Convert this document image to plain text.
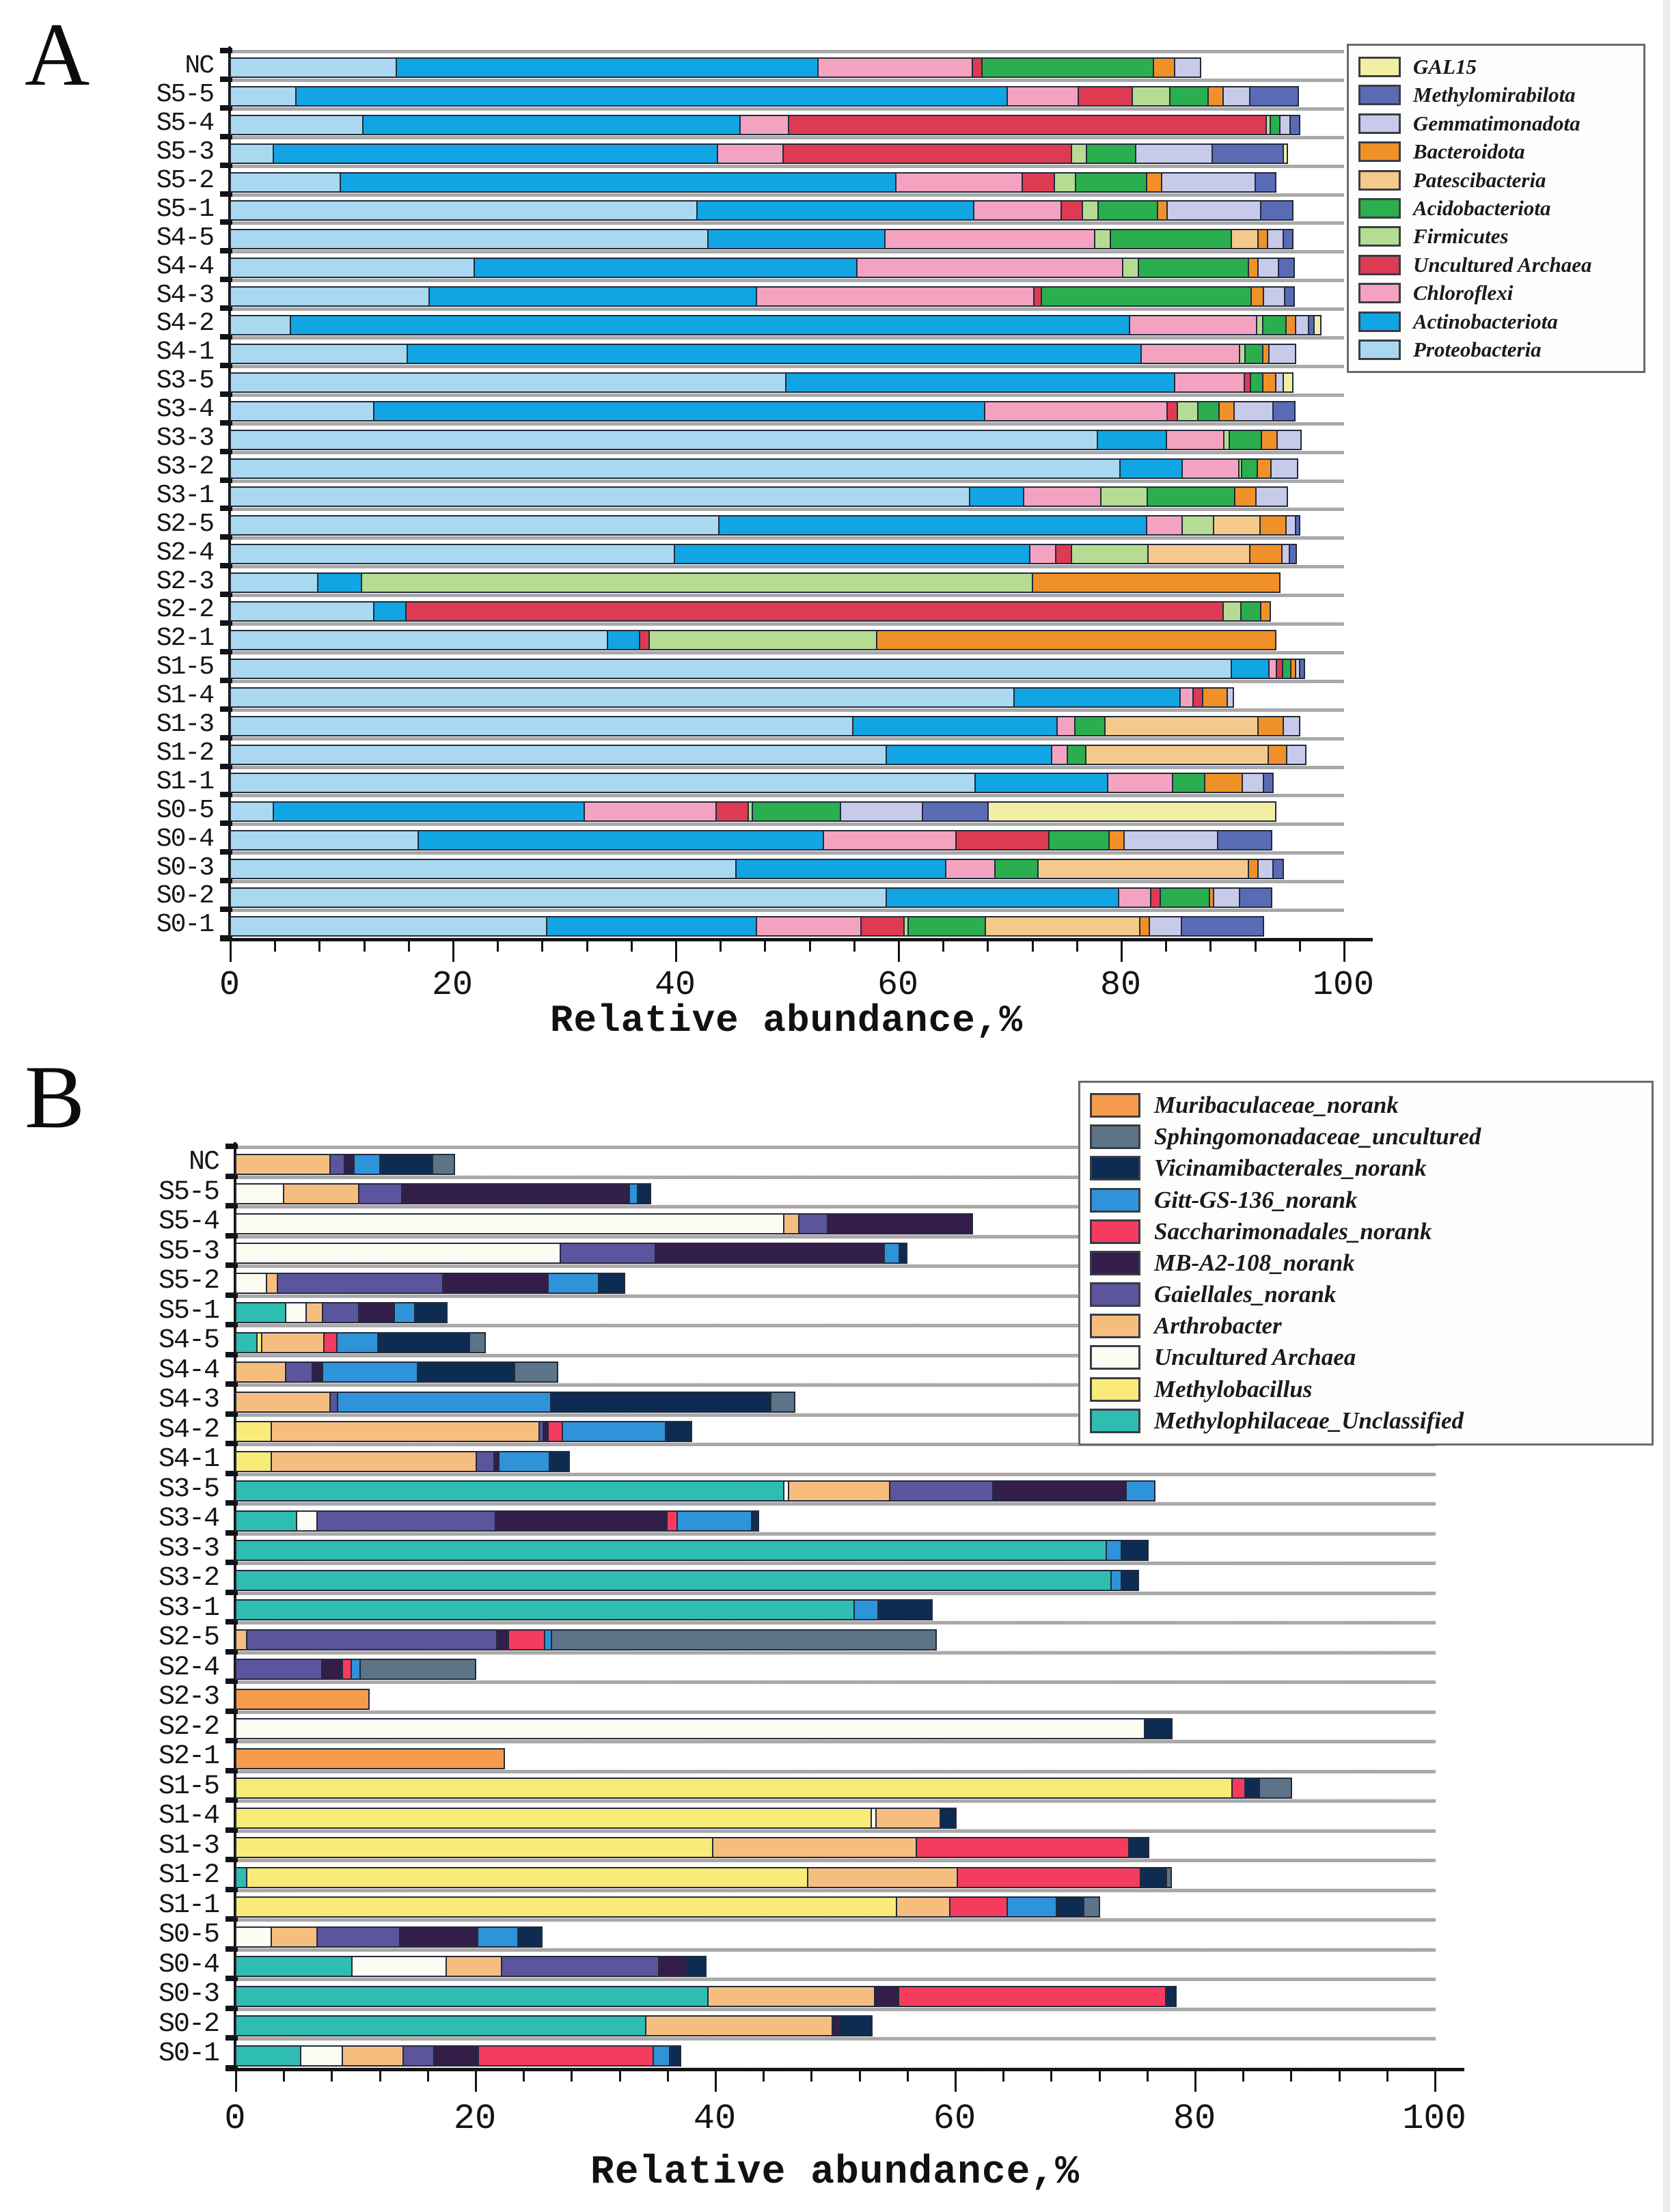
A
B
NC
S5-5
S5-4
S5-3
S5-2
S5-1
S4-5
S4-4
S4-3
S4-2
S4-1
S3-5
S3-4
S3-3
S3-2
S3-1
S2-5
S2-4
S2-3
S2-2
S2-1
S1-5
S1-4
S1-3
S1-2
S1-1
S0-5
S0-4
S0-3
S0-2
S0-1
0	20	40	60	80	100
NC
S5-5
S5-4
S5-3
S5-2
S5-1
S4-5
S4-4
S4-3
S4-2
S4-1
S3-5
S3-4
S3-3
S3-2
S3-1
S2-5
S2-4
S2-3
S2-2
S2-1
S1-5
S1-4
S1-3
S1-2
S1-1
S0-5
S0-4
S0-3
S0-2
S0-1
0	20	40	60	80	100
Relative abundance,%
Relative abundance,%
GAL15
Methylomirabilota
Gemmatimonadota
Bacteroidota
Patescibacteria
Acidobacteriota
Firmicutes
Uncultured Archaea
Chloroflexi
Actinobacteriota
Proteobacteria
Muribaculaceae_norank
Sphingomonadaceae_uncultured
Vicinamibacterales_norank
Gitt-GS-136_norank
Saccharimonadales_norank
MB-A2-108_norank
Gaiellales_norank
Arthrobacter
Uncultured Archaea
Methylobacillus
Methylophilaceae_Unclassified
